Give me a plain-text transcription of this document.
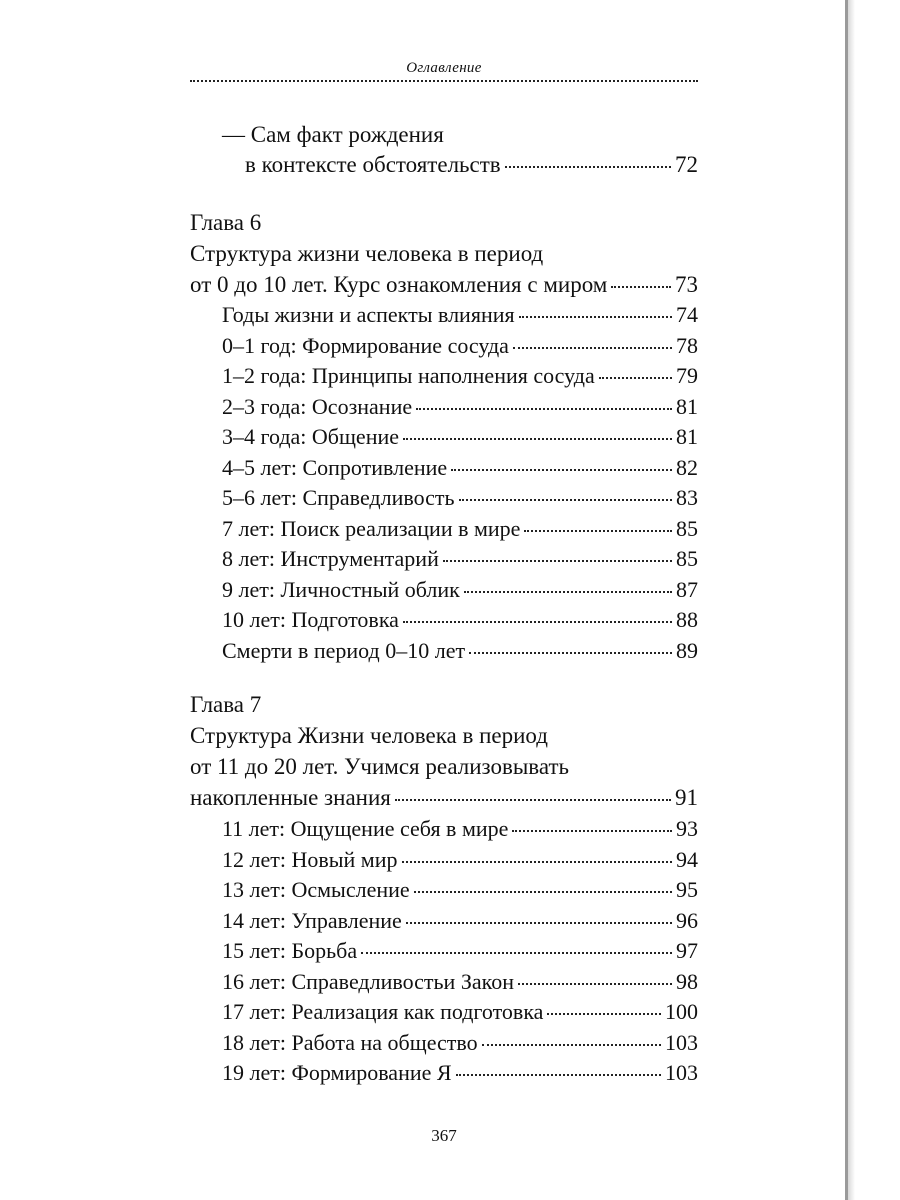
Оглавление
— Сам факт рождения
в контексте обстоятельств	72
Глава 6
Структура жизни человека в период
от 0 до 10 лет. Курс ознакомления с миром	73
Годы жизни и аспекты влияния	74
0–1 год: Формирование сосуда	78
1–2 года: Принципы наполнения сосуда	79
2–3 года: Осознание	81
3–4 года: Общение	81
4–5 лет: Сопротивление	82
5–6 лет: Справедливость	83
7 лет: Поиск реализации в мире	85
8 лет: Инструментарий	85
9 лет: Личностный облик	87
10 лет: Подготовка	88
Смерти в период 0–10 лет	89
Глава 7
Структура Жизни человека в период
от 11 до 20 лет. Учимся реализовывать
накопленные знания	91
11 лет: Ощущение себя в мире	93
12 лет: Новый мир	94
13 лет: Осмысление	95
14 лет: Управление	96
15 лет: Борьба	97
16 лет: Справедливостьи Закон	98
17 лет: Реализация как подготовка	100
18 лет: Работа на общество	103
19 лет: Формирование Я	103
367
